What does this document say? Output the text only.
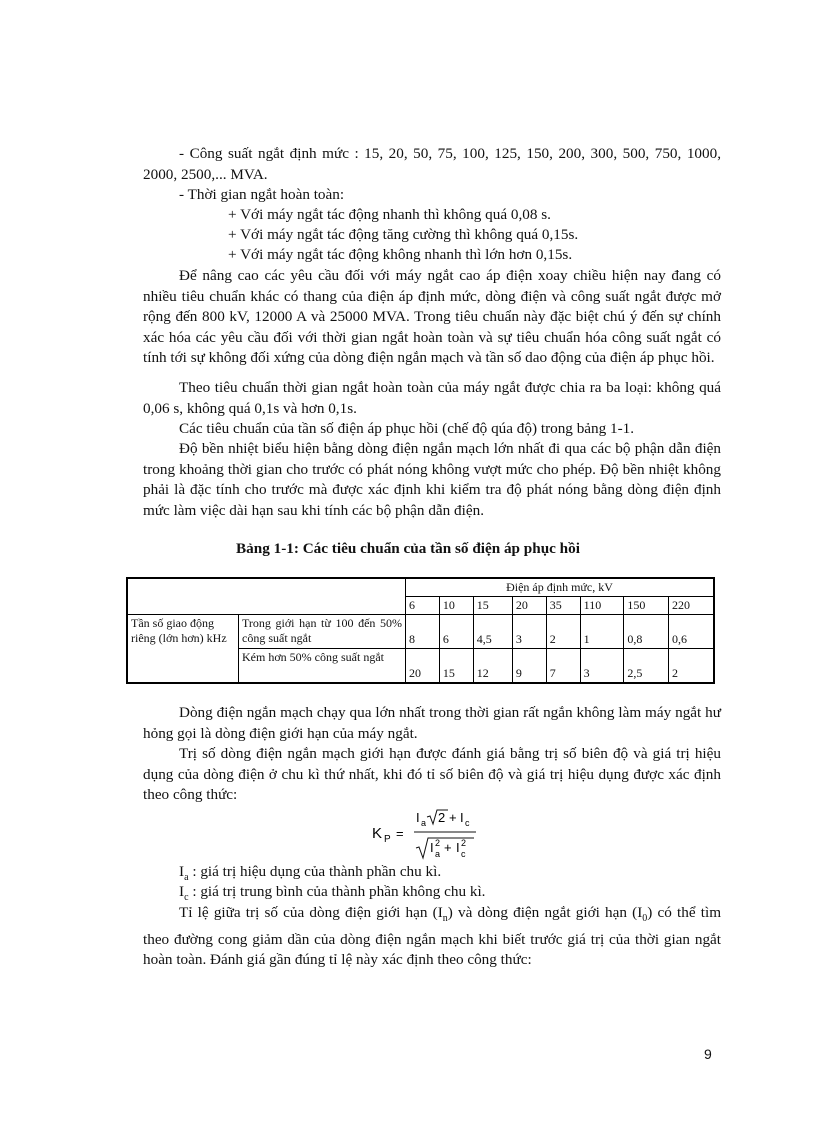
- Công suất ngắt định mức : 15, 20, 50, 75, 100, 125, 150, 200, 300, 500, 750, 1000, 2000, 2500,... MVA.
- Thời gian ngắt hoàn toàn:
+ Với máy ngắt tác động nhanh thì không quá 0,08 s.
+ Với máy ngắt tác động tăng cường thì không quá 0,15s.
+ Với máy ngắt tác động không nhanh thì lớn hơn 0,15s.
Để nâng cao các yêu cầu đối với máy ngắt cao áp điện xoay chiều hiện nay đang có nhiều tiêu chuẩn khác có thang của điện áp định mức, dòng điện và công suất ngắt được mở rộng đến 800 kV, 12000 A và 25000 MVA. Trong tiêu chuẩn này đặc biệt chú ý đến sự chính xác hóa các yêu cầu đối với thời gian ngắt hoàn toàn và sự tiêu chuẩn hóa công suất ngắt có tính tới sự không đối xứng của dòng điện ngắn mạch và tần số dao động của điện áp phục hồi.
Theo tiêu chuẩn thời gian ngắt hoàn toàn của máy ngắt được chia ra ba loại: không quá 0,06 s, không quá 0,1s và hơn 0,1s.
Các tiêu chuẩn của tần số điện áp phục hồi (chế độ qúa độ) trong bảng 1-1.
Độ bền nhiệt biểu hiện bằng dòng điện ngắn mạch lớn nhất đi qua các bộ phận dẫn điện trong khoảng thời gian cho trước có phát nóng không vượt mức cho phép. Độ bền nhiệt không phải là đặc tính cho trước mà được xác định khi kiểm tra độ phát nóng bằng dòng điện định mức làm việc dài hạn sau khi tính các bộ phận dẫn điện.
Bảng 1-1: Các tiêu chuẩn của tần số điện áp phục hồi
		Điện áp định mức, kV							
		6	10	15	20	35	110	150	220
Tần số giao động riêng (lớn hơn) kHz	Trong giới hạn từ 100 đến 50% công suất ngắt	8	6	4,5	3	2	1	0,8	0,6
	Kém hơn 50% công suất ngắt	20	15	12	9	7	3	2,5	2
Dòng điện ngắn mạch chạy qua lớn nhất trong thời gian rất ngắn không làm máy ngắt hư hỏng gọi là dòng điện giới hạn của máy ngắt.
Trị số dòng điện ngắn mạch giới hạn được đánh giá bằng trị số biên độ và giá trị hiệu dụng của dòng điện ở chu kì thứ nhất, khi đó tỉ số biên độ và giá trị hiệu dụng được xác định theo công thức:
K P =
I a 2 + I c
I 2
a + I 2
c
$I_a$ : giá trị hiệu dụng của thành phần chu kì.
$I_c$ : giá trị trung bình của thành phần không chu kì.
Tỉ lệ giữa trị số của dòng điện giới hạn $(I_n)$ và dòng điện ngắt giới hạn $(I_0)$ có thể tìm theo đường cong giảm dần của dòng điện ngắn mạch khi biết trước giá trị của thời gian ngắt hoàn toàn. Đánh giá gần đúng tỉ lệ này xác định theo công thức:
9
